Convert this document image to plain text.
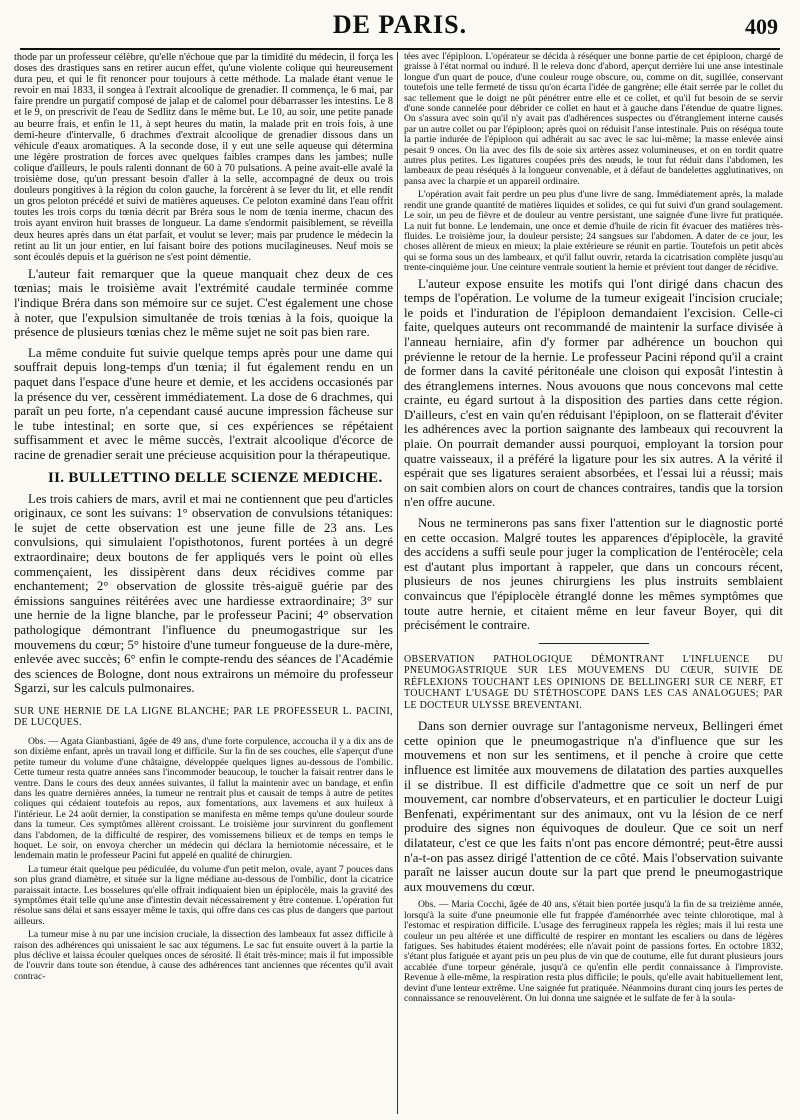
DE PARIS.	409

thode par un professeur célèbre, qu'elle n'échoue que par la timidité du médecin, il força les doses des drastiques sans en retirer aucun effet, qu'une violente colique qui heureusement dura peu, et qui le fit renoncer pour toujours à cette méthode. La malade étant venue le revoir en mai 1833, il songea à l'extrait alcoolique de grenadier. Il commença, le 6 mai, par faire prendre un purgatif composé de jalap et de calomel pour débarrasser les intestins. Le 8 et le 9, on prescrivit de l'eau de Sedlitz dans le même but. Le 10, au soir, une petite panade au beurre frais, et enfin le 11, à sept heures du matin, la malade prit en trois fois, à une demi-heure d'intervalle, 6 drachmes d'extrait alcoolique de grenadier dissous dans un véhicule d'eaux aromatiques. A la seconde dose, il y eut une selle aqueuse qui détermina une légère prostration de forces avec quelques faibles crampes dans les jambes; nulle colique d'ailleurs, le pouls ralenti donnant de 60 à 70 pulsations. A peine avait-elle avalé la troisième dose, qu'un pressant besoin d'aller à la selle, accompagné de deux ou trois douleurs pongitives à la région du colon gauche, la forcèrent à se lever du lit, et elle rendit un gros peloton précédé et suivi de matières aqueuses. Ce peloton examiné dans l'eau offrit toutes les trois corps du tœnia décrit par Bréra sous le nom de tœnia inerme, chacun des trois ayant environ huit brasses de longueur. La dame s'endormit paisiblement, se réveilla deux heures après dans un état parfait, et voulut se lever; mais par prudence le médecin la retint au lit un jour entier, en lui faisant boire des potions mucilagineuses. Neuf mois se sont écoulés depuis et la guérison ne s'est point démentie.

L'auteur fait remarquer que la queue manquait chez deux de ces tœnias; mais le troisième avait l'extrémité caudale terminée comme l'indique Bréra dans son mémoire sur ce sujet. C'est également une chose à noter, que l'expulsion simultanée de trois tœnias à la fois, quoique la présence de plusieurs tœnias chez le même sujet ne soit pas bien rare.

La même conduite fut suivie quelque temps après pour une dame qui souffrait depuis long-temps d'un tœnia; il fut également rendu en un paquet dans l'espace d'une heure et demie, et les accidens occasionés par la présence du ver, cessèrent immédiatement. La dose de 6 drachmes, qui paraît un peu forte, n'a cependant causé aucune impression fâcheuse sur le tube intestinal; en sorte que, si ces expériences se répétaient suffisamment et avec le même succès, l'extrait alcoolique d'écorce de racine de grenadier serait une précieuse acquisition pour la thérapeutique.

II. BULLETTINO DELLE SCIENZE MEDICHE.

Les trois cahiers de mars, avril et mai ne contiennent que peu d'articles originaux, ce sont les suivans: 1° observation de convulsions tétaniques: le sujet de cette observation est une jeune fille de 23 ans. Les convulsions, qui simulaient l'opisthotonos, furent portées à un degré extraordinaire; deux boutons de fer appliqués vers le point où elles commençaient, les dissipèrent dans deux récidives comme par enchantement; 2° observation de glossite très-aiguë guérie par des émissions sanguines réitérées avec une hardiesse extraordinaire; 3° sur une hernie de la ligne blanche, par le professeur Pacini; 4° observation pathologique démontrant l'influence du pneumogastrique sur les mouvemens du cœur; 5° histoire d'une tumeur fongueuse de la dure-mère, enlevée avec succès; 6° enfin le compte-rendu des séances de l'Académie des sciences de Bologne, dont nous extrairons un mémoire du professeur Sgarzi, sur les calculs pulmonaires.

SUR UNE HERNIE DE LA LIGNE BLANCHE; PAR LE PROFESSEUR L. PACINI, DE LUCQUES.

Obs. — Agata Gianbastiani, âgée de 49 ans, d'une forte corpulence, accoucha il y a dix ans de son dixième enfant, après un travail long et difficile. Sur la fin de ses couches, elle s'aperçut d'une petite tumeur du volume d'une châtaigne, développée quelques lignes au-dessous de l'ombilic. Cette tumeur resta quatre années sans l'incommoder beaucoup, le toucher la faisait rentrer dans le ventre. Dans le cours des deux années suivantes, il fallut la maintenir avec un bandage, et enfin dans les quatre dernières années, la tumeur ne rentrait plus et causait de temps à autre de petites coliques qui cédaient toutefois au repos, aux fomentations, aux lavemens et aux huileux à l'intérieur. Le 24 août dernier, la constipation se manifesta en même temps qu'une douleur sourde dans la tumeur. Ces symptômes allèrent croissant. Le troisième jour survinrent du gonflement dans l'abdomen, de la difficulté de respirer, des vomissemens bilieux et de temps en temps le hoquet. Le soir, on envoya chercher un médecin qui déclara la herniotomie nécessaire, et le lendemain matin le professeur Pacini fut appelé en qualité de chirurgien.

La tumeur était quelque peu pédiculée, du volume d'un petit melon, ovale, ayant 7 pouces dans son plus grand diamètre, et située sur la ligne médiane au-dessous de l'ombilic, dont la cicatrice paraissait intacte. Les bosselures qu'elle offrait indiquaient bien un épiplocèle, mais la gravité des symptômes était telle qu'une anse d'intestin devait nécessairement y être contenue. L'opération fut résolue sans délai et sans essayer même le taxis, qui offre dans ces cas plus de dangers que partout ailleurs.

La tumeur mise à nu par une incision cruciale, la dissection des lambeaux fut assez difficile à raison des adhérences qui unissaient le sac aux tégumens. Le sac fut ensuite ouvert à la partie la plus déclive et laissa écouler quelques onces de sérosité. Il était très-mince; mais il fut impossible de l'ouvrir dans toute son étendue, à cause des adhérences tant anciennes que récentes qu'il avait contrac-

tées avec l'épiploon. L'opérateur se décida à réséquer une bonne partie de cet épiploon, chargé de graisse à l'état normal ou induré. Il le releva donc d'abord, aperçut derrière lui une anse intestinale longue d'un quart de pouce, d'une couleur rouge obscure, ou, comme on dit, sugillée, conservant toutefois une telle fermeté de tissu qu'on écarta l'idée de gangrène; elle était serrée par le collet du sac tellement que le doigt ne pût pénétrer entre elle et ce collet, et qu'il fut besoin de se servir d'une sonde cannelée pour débrider ce collet en haut et à gauche dans l'étendue de quatre lignes. On s'assura avec soin qu'il n'y avait pas d'adhérences suspectes ou d'étranglement interne causés par un autre collet ou par l'épiploon; après quoi on réduisit l'anse intestinale. Puis on réséqua toute la partie indurée de l'épiploon qui adhérait au sac avec le sac lui-même; la masse enlevée ainsi pesait 9 onces. On lia avec des fils de soie six artères assez volumineuses, et on en tordit quatre autres plus petites. Les ligatures coupées près des nœuds, le tout fut réduit dans l'abdomen, les lambeaux de peau réséqués à la longueur convenable, et à défaut de bandelettes agglutinatives, on pansa avec la charpie et un appareil ordinaire.

L'opération avait fait perdre un peu plus d'une livre de sang. Immédiatement après, la malade rendit une grande quantité de matières liquides et solides, ce qui fut suivi d'un grand soulagement. Le soir, un peu de fièvre et de douleur au ventre persistant, une saignée d'une livre fut pratiquée. La nuit fut bonne. Le lendemain, une once et demie d'huile de ricin fit évacuer des matières très-fluides. Le troisième jour, la douleur persiste; 24 sangsues sur l'abdomen. A dater de ce jour, les choses allèrent de mieux en mieux; la plaie extérieure se réunit en partie. Toutefois un petit abcès qui se forma sous un des lambeaux, et qu'il fallut ouvrir, retarda la cicatrisation complète jusqu'au trente-cinquième jour. Une ceinture ventrale soutient la hernie et prévient tout danger de récidive.

L'auteur expose ensuite les motifs qui l'ont dirigé dans chacun des temps de l'opération. Le volume de la tumeur exigeait l'incision cruciale; le poids et l'induration de l'épiploon demandaient l'excision. Celle-ci faite, quelques auteurs ont recommandé de maintenir la surface divisée à l'anneau herniaire, afin d'y former par adhérence un bouchon qui prévienne le retour de la hernie. Le professeur Pacini répond qu'il a craint de former dans la cavité péritonéale une cloison qui exposât l'intestin à des étranglemens internes. Nous avouons que nous concevons mal cette crainte, eu égard surtout à la disposition des parties dans cette région. D'ailleurs, c'est en vain qu'en réduisant l'épiploon, on se flatterait d'éviter les adhérences avec la portion saignante des lambeaux qui recouvrent la plaie. On pourrait demander aussi pourquoi, employant la torsion pour quatre vaisseaux, il a préféré la ligature pour les six autres. A la vérité il espérait que ses ligatures seraient absorbées, et l'essai lui a réussi; mais on sait combien alors on court de chances contraires, tandis que la torsion n'en offre aucune.

Nous ne terminerons pas sans fixer l'attention sur le diagnostic porté en cette occasion. Malgré toutes les apparences d'épiplocèle, la gravité des accidens a suffi seule pour juger la complication de l'entérocèle; cela est d'autant plus important à rappeler, que dans un concours récent, plusieurs de nos jeunes chirurgiens les plus instruits semblaient convaincus que l'épiplocèle étranglé donne les mêmes symptômes que toute autre hernie, et citaient même en leur faveur Boyer, qui dit précisément le contraire.

OBSERVATION PATHOLOGIQUE DÉMONTRANT L'INFLUENCE DU PNEUMOGASTRIQUE SUR LES MOUVEMENS DU CŒUR, SUIVIE DE RÉFLEXIONS TOUCHANT LES OPINIONS DE BELLINGERI SUR CE NERF, ET TOUCHANT L'USAGE DU STÉTHOSCOPE DANS LES CAS ANALOGUES; PAR LE DOCTEUR ULYSSE BREVENTANI.

Dans son dernier ouvrage sur l'antagonisme nerveux, Bellingeri émet cette opinion que le pneumogastrique n'a d'influence que sur les mouvemens et non sur les sentimens, et il penche à croire que cette influence est limitée aux mouvemens de dilatation des parties auxquelles il se distribue. Il est difficile d'admettre que ce soit un nerf de pur mouvement, car nombre d'observateurs, et en particulier le docteur Luigi Benfenati, expérimentant sur des animaux, ont vu la lésion de ce nerf produire des signes non équivoques de douleur. Que ce soit un nerf dilatateur, c'est ce que les faits n'ont pas encore démontré; peut-être aussi n'a-t-on pas assez dirigé l'attention de ce côté. Mais l'observation suivante paraît ne laisser aucun doute sur la part que prend le pneumogastrique aux mouvemens du cœur.

Obs. — Maria Cocchi, âgée de 40 ans, s'était bien portée jusqu'à la fin de sa treizième année, lorsqu'à la suite d'une pneumonie elle fut frappée d'aménorrhée avec teinte chlorotique, mal à l'estomac et respiration difficile. L'usage des ferrugineux rappela les règles; mais il lui resta une couleur un peu altérée et une difficulté de respirer en montant les escaliers ou dans de légères fatigues. Ses habitudes étaient modérées; elle n'avait point de passions fortes. En octobre 1832, s'étant plus fatiguée et ayant pris un peu plus de vin que de coutume, elle fut durant plusieurs jours accablée d'une torpeur générale, jusqu'à ce qu'enfin elle perdit connaissance à l'improviste. Revenue à elle-même, la respiration resta plus difficile; le pouls, qu'elle avait habituellement lent, devint d'une lenteur extrême. Une saignée fut pratiquée. Néanmoins durant cinq jours les pertes de connaissance se renouvelèrent. On lui donna une saignée et le sulfate de fer à la soula-
